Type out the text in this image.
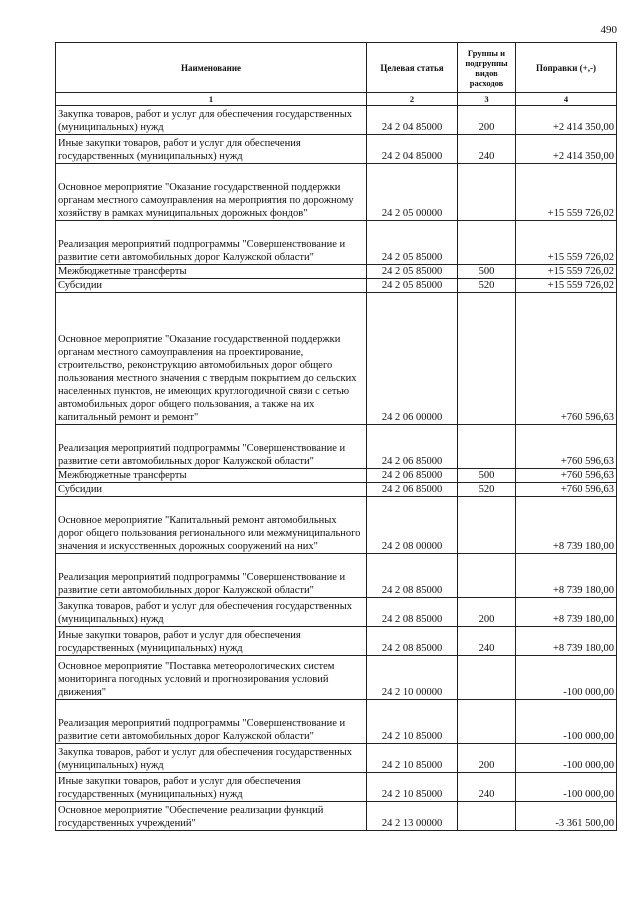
490
Наименование	Целевая статья	Группы и подгруппы видов расходов	Поправки (+,-)
1	2	3	4
Закупка товаров, работ и услуг для обеспечения государственных (муниципальных) нужд	24 2 04 85000	200	+2 414 350,00
Иные закупки товаров, работ и услуг для обеспечения государственных (муниципальных) нужд	24 2 04 85000	240	+2 414 350,00
Основное мероприятие "Оказание государственной поддержки органам местного самоуправления на мероприятия по дорожному хозяйству в рамках муниципальных дорожных фондов"	24 2 05 00000		+15 559 726,02
Реализация мероприятий подпрограммы "Совершенствование и развитие сети автомобильных дорог Калужской области"	24 2 05 85000		+15 559 726,02
Межбюджетные трансферты	24 2 05 85000	500	+15 559 726,02
Субсидии	24 2 05 85000	520	+15 559 726,02
Основное мероприятие "Оказание государственной поддержки органам местного самоуправления на проектирование, строительство, реконструкцию автомобильных дорог общего пользования местного значения с твердым покрытием до сельских населенных пунктов, не имеющих круглогодичной связи с сетью автомобильных дорог общего пользования, а также на их капитальный ремонт и ремонт"	24 2 06 00000		+760 596,63
Реализация мероприятий подпрограммы "Совершенствование и развитие сети автомобильных дорог Калужской области"	24 2 06 85000		+760 596,63
Межбюджетные трансферты	24 2 06 85000	500	+760 596,63
Субсидии	24 2 06 85000	520	+760 596,63
Основное мероприятие "Капитальный ремонт автомобильных дорог общего пользования регионального или межмуниципального значения и искусственных дорожных сооружений на них"	24 2 08 00000		+8 739 180,00
Реализация мероприятий подпрограммы "Совершенствование и развитие сети автомобильных дорог Калужской области"	24 2 08 85000		+8 739 180,00
Закупка товаров, работ и услуг для обеспечения государственных (муниципальных) нужд	24 2 08 85000	200	+8 739 180,00
Иные закупки товаров, работ и услуг для обеспечения государственных (муниципальных) нужд	24 2 08 85000	240	+8 739 180,00
Основное мероприятие "Поставка метеорологических систем мониторинга погодных условий и прогнозирования условий движения"	24 2 10 00000		-100 000,00
Реализация мероприятий подпрограммы "Совершенствование и развитие сети автомобильных дорог Калужской области"	24 2 10 85000		-100 000,00
Закупка товаров, работ и услуг для обеспечения государственных (муниципальных) нужд	24 2 10 85000	200	-100 000,00
Иные закупки товаров, работ и услуг для обеспечения государственных (муниципальных) нужд	24 2 10 85000	240	-100 000,00
Основное мероприятие "Обеспечение реализации функций государственных учреждений"	24 2 13 00000		-3 361 500,00
